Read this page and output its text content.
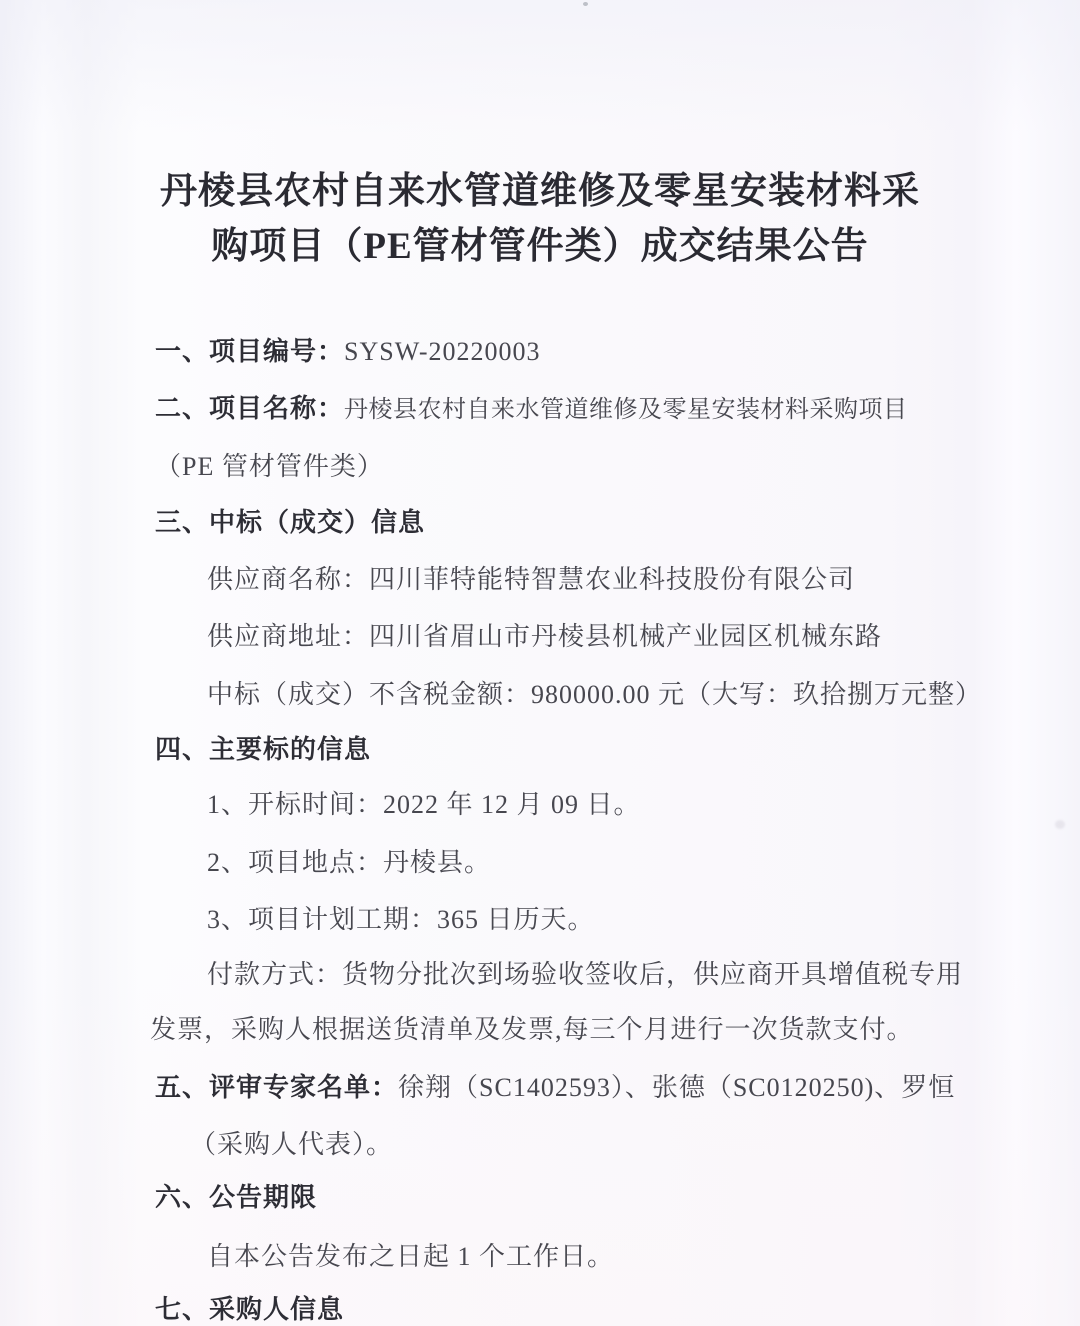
丹棱县农村自来水管道维修及零星安装材料采
购项目（PE管材管件类）成交结果公告
一、项目编号：SYSW-20220003
二、项目名称：丹棱县农村自来水管道维修及零星安装材料采购项目
（PE 管材管件类）
三、中标（成交）信息
供应商名称：四川菲特能特智慧农业科技股份有限公司
供应商地址：四川省眉山市丹棱县机械产业园区机械东路
中标（成交）不含税金额：980000.00 元（大写：玖拾捌万元整）
四、主要标的信息
1、开标时间：2022 年 12 月 09 日。
2、项目地点：丹棱县。
3、项目计划工期：365 日历天。
付款方式：货物分批次到场验收签收后，供应商开具增值税专用
发票，采购人根据送货清单及发票,每三个月进行一次货款支付。
五、评审专家名单：徐翔（SC1402593）、张德（SC0120250)、罗恒
（采购人代表）。
六、公告期限
自本公告发布之日起 1 个工作日。
七、采购人信息
